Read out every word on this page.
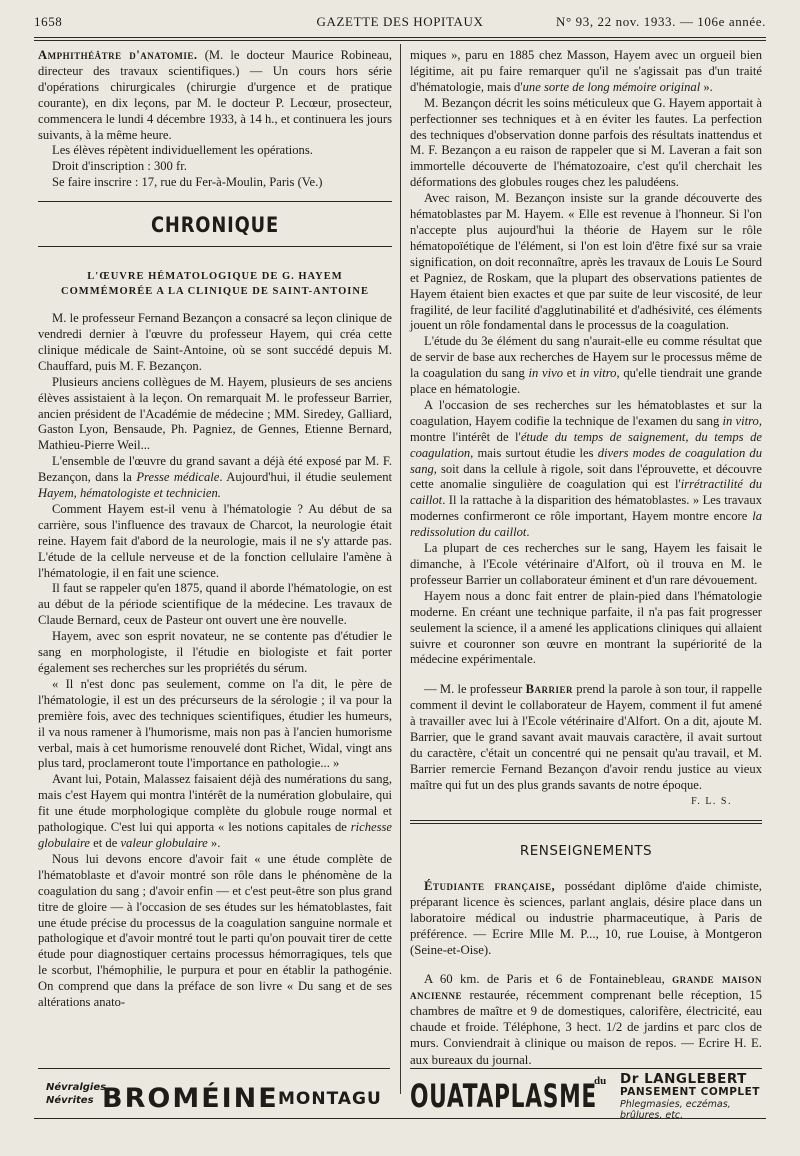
1658	GAZETTE DES HOPITAUX	N° 93, 22 nov. 1933. — 106e année.

Amphithéâtre d'anatomie. (M. le docteur Maurice Robineau, directeur des travaux scientifiques.) — Un cours hors série d'opérations chirurgicales (chirurgie d'urgence et de pratique courante), en dix leçons, par M. le docteur P. Lecœur, prosecteur, commencera le lundi 4 décembre 1933, à 14 h., et continuera les jours suivants, à la même heure.

Les élèves répètent individuellement les opérations.

Droit d'inscription : 300 fr.

Se faire inscrire : 17, rue du Fer-à-Moulin, Paris (Ve.)

CHRONIQUE
L'ŒUVRE HÉMATOLOGIQUE DE G. HAYEM
COMMÉMORÉE A LA CLINIQUE DE SAINT-ANTOINE

M. le professeur Fernand Bezançon a consacré sa leçon clinique de vendredi dernier à l'œuvre du professeur Hayem, qui créa cette clinique médicale de Saint-Antoine, où se sont succédé depuis M. Chauffard, puis M. F. Bezançon.

Plusieurs anciens collègues de M. Hayem, plusieurs de ses anciens élèves assistaient à la leçon. On remarquait M. le professeur Barrier, ancien président de l'Académie de médecine ; MM. Siredey, Galliard, Gaston Lyon, Bensaude, Ph. Pagniez, de Gennes, Etienne Bernard, Mathieu-Pierre Weil...

L'ensemble de l'œuvre du grand savant a déjà été exposé par M. F. Bezançon, dans la Presse médicale. Aujourd'hui, il étudie seulement Hayem, hématologiste et technicien.

Comment Hayem est-il venu à l'hématologie ? Au début de sa carrière, sous l'influence des travaux de Charcot, la neurologie était reine. Hayem fait d'abord de la neurologie, mais il ne s'y attarde pas. L'étude de la cellule nerveuse et de la fonction cellulaire l'amène à l'hématologie, il en fait une science.

Il faut se rappeler qu'en 1875, quand il aborde l'hématologie, on est au début de la période scientifique de la médecine. Les travaux de Claude Bernard, ceux de Pasteur ont ouvert une ère nouvelle.

Hayem, avec son esprit novateur, ne se contente pas d'étudier le sang en morphologiste, il l'étudie en biologiste et fait porter également ses recherches sur les propriétés du sérum.

« Il n'est donc pas seulement, comme on l'a dit, le père de l'hématologie, il est un des précurseurs de la sérologie ; il va pour la première fois, avec des techniques scientifiques, étudier les humeurs, il va nous ramener à l'humorisme, mais non pas à l'ancien humorisme verbal, mais à cet humorisme renouvelé dont Richet, Widal, vingt ans plus tard, proclameront toute l'importance en pathologie... »

Avant lui, Potain, Malassez faisaient déjà des numérations du sang, mais c'est Hayem qui montra l'intérêt de la numération globulaire, qui fit une étude morphologique complète du globule rouge normal et pathologique. C'est lui qui apporta « les notions capitales de richesse globulaire et de valeur globulaire ».

Nous lui devons encore d'avoir fait « une étude complète de l'hématoblaste et d'avoir montré son rôle dans le phénomène de la coagulation du sang ; d'avoir enfin — et c'est peut-être son plus grand titre de gloire — à l'occasion de ses études sur les hématoblastes, fait une étude précise du processus de la coagulation sanguine normale et pathologique et d'avoir montré tout le parti qu'on pouvait tirer de cette étude pour diagnostiquer certains processus hémorragiques, tels que le scorbut, l'hémophilie, le purpura et pour en établir la pathogénie. On comprend que dans la préface de son livre « Du sang et de ses altérations anato-

miques », paru en 1885 chez Masson, Hayem avec un orgueil bien légitime, ait pu faire remarquer qu'il ne s'agissait pas d'un traité d'hématologie, mais d'une sorte de long mémoire original ».

M. Bezançon décrit les soins méticuleux que G. Hayem apportait à perfectionner ses techniques et à en éviter les fautes. La perfection des techniques d'observation donne parfois des résultats inattendus et M. F. Bezançon a eu raison de rappeler que si M. Laveran a fait son immortelle découverte de l'hématozoaire, c'est qu'il cherchait les déformations des globules rouges chez les paludéens.

Avec raison, M. Bezançon insiste sur la grande découverte des hématoblastes par M. Hayem. « Elle est revenue à l'honneur. Si l'on n'accepte plus aujourd'hui la théorie de Hayem sur le rôle hématopoïétique de l'élément, si l'on est loin d'être fixé sur sa vraie signification, on doit reconnaître, après les travaux de Louis Le Sourd et Pagniez, de Roskam, que la plupart des observations patientes de Hayem étaient bien exactes et que par suite de leur viscosité, de leur fragilité, de leur facilité d'agglutinabilité et d'adhésivité, ces éléments jouent un rôle fondamental dans le processus de la coagulation.

L'étude du 3e élément du sang n'aurait-elle eu comme résultat que de servir de base aux recherches de Hayem sur le processus même de la coagulation du sang in vivo et in vitro, qu'elle tiendrait une grande place en hématologie.

A l'occasion de ses recherches sur les hématoblastes et sur la coagulation, Hayem codifie la technique de l'examen du sang in vitro, montre l'intérêt de l'étude du temps de saignement, du temps de coagulation, mais surtout étudie les divers modes de coagulation du sang, soit dans la cellule à rigole, soit dans l'éprouvette, et découvre cette anomalie singulière de coagulation qui est l'irrétractilité du caillot. Il la rattache à la disparition des hématoblastes. » Les travaux modernes confirmeront ce rôle important, Hayem montre encore la redissolution du caillot.

La plupart de ces recherches sur le sang, Hayem les faisait le dimanche, à l'Ecole vétérinaire d'Alfort, où il trouva en M. le professeur Barrier un collaborateur éminent et d'un rare dévouement.

Hayem nous a donc fait entrer de plain-pied dans l'hématologie moderne. En créant une technique parfaite, il n'a pas fait progresser seulement la science, il a amené les applications cliniques qui allaient suivre et couronner son œuvre en montrant la supériorité de la médecine expérimentale.

— M. le professeur Barrier prend la parole à son tour, il rappelle comment il devint le collaborateur de Hayem, comment il fut amené à travailler avec lui à l'Ecole vétérinaire d'Alfort. On a dit, ajoute M. Barrier, que le grand savant avait mauvais caractère, il avait surtout du caractère, c'était un concentré qui ne pensait qu'au travail, et M. Barrier remercie Fernand Bezançon d'avoir rendu justice au vieux maître qui fut un des plus grands savants de notre époque.

F. L. S.
RENSEIGNEMENTS

Étudiante française, possédant diplôme d'aide chimiste, préparant licence ès sciences, parlant anglais, désire place dans un laboratoire médical ou industrie pharmaceutique, à Paris de préférence. — Ecrire Mlle M. P..., 10, rue Louise, à Montgeron (Seine-et-Oise).

A 60 km. de Paris et 6 de Fontainebleau, grande maison ancienne restaurée, récemment comprenant belle réception, 15 chambres de maître et 9 de domestiques, calorifère, électricité, eau chaude et froide. Téléphone, 3 hect. 1/2 de jardins et parc clos de murs. Conviendrait à clinique ou maison de repos. — Ecrire H. E. aux bureaux du journal.

Névralgies
Névrites BROMÉINE MONTAGU OUATAPLASME
du Dr LANGLEBERT
PANSEMENT COMPLET
Phlegmasies, eczémas, brûlures, etc.
